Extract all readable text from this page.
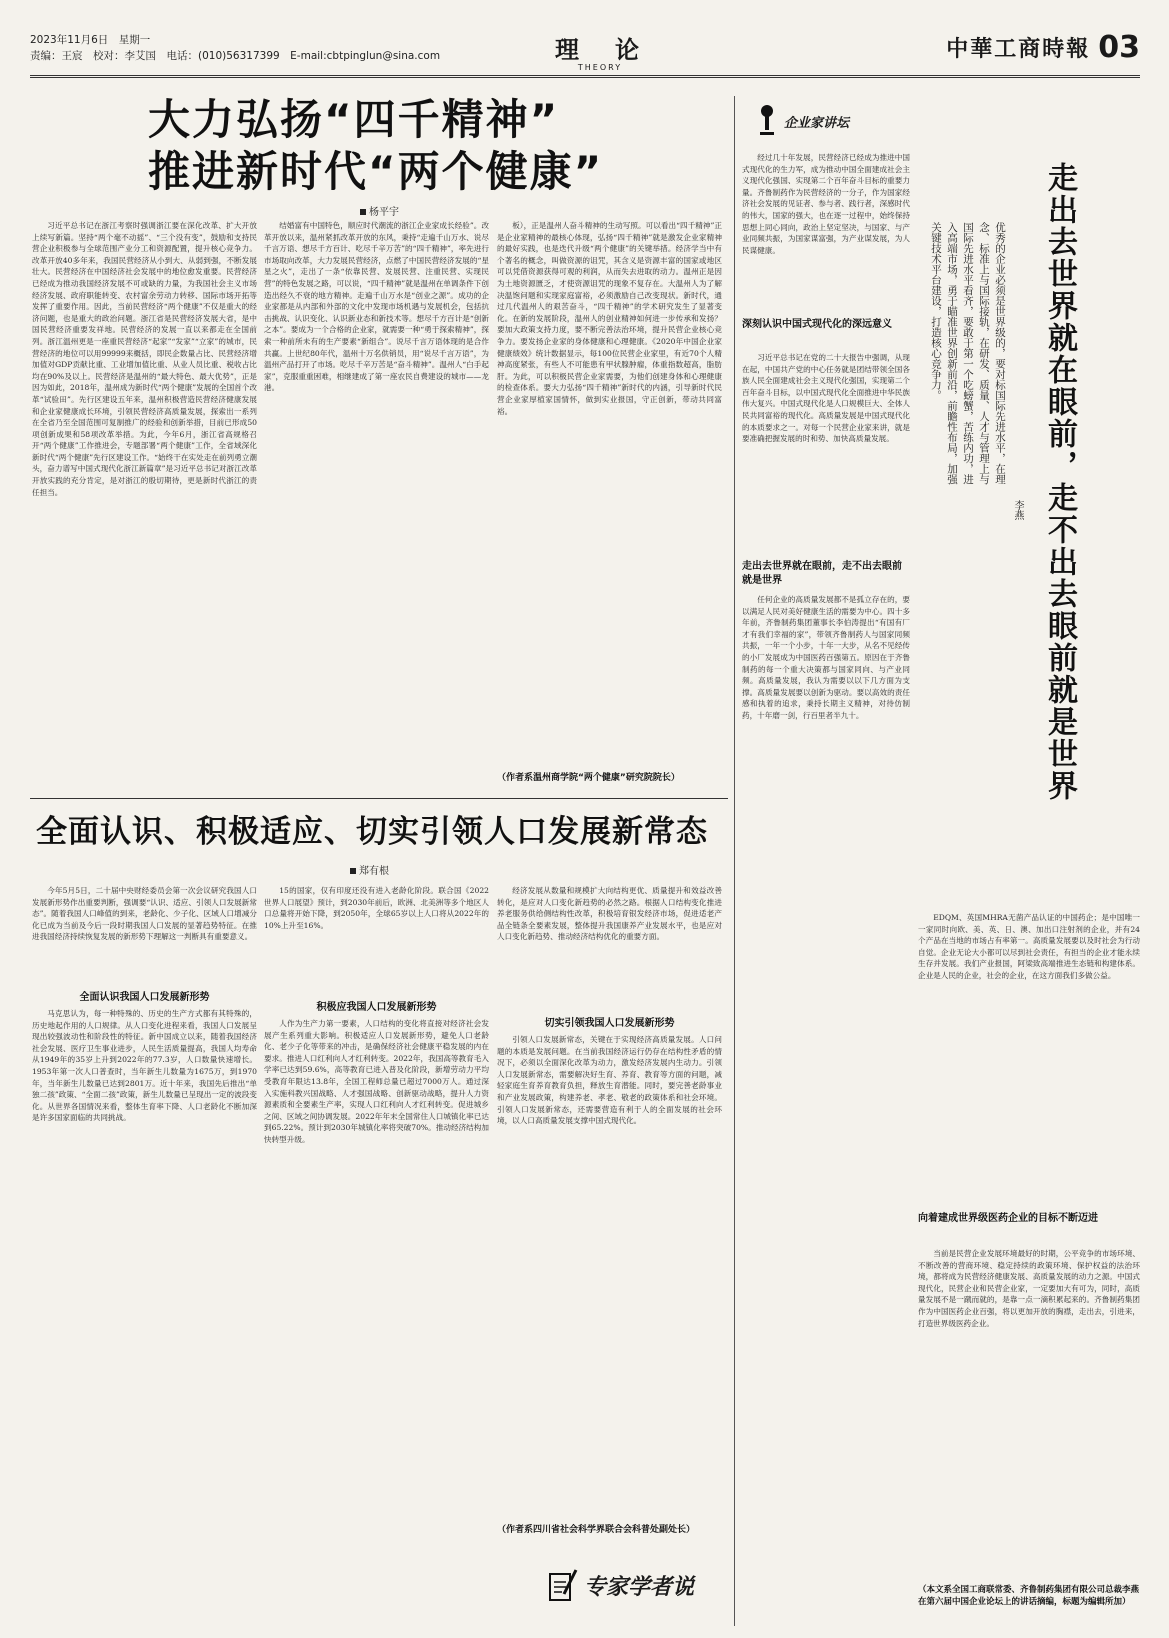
2023年11月6日　星期一
责编：王宸　校对：李艾国　电话：(010)56317399　E-mail:cbtpinglun@sina.com	理　论
THEORY
中華工商時報 03
大力弘扬“四千精神”
推进新时代“两个健康”
杨平宇

习近平总书记在浙江考察时强调浙江要在深化改革、扩大开放上续写新篇。坚持“两个毫不动摇”、“三个没有变”，鼓励和支持民营企业积极参与全球范围产业分工和资源配置，提升核心竞争力。改革开放40多年来，我国民营经济从小到大、从弱到强，不断发展壮大。民营经济在中国经济社会发展中的地位愈发重要。民营经济已经成为推动我国经济发展不可或缺的力量，为我国社会主义市场经济发展、政府职能转变、农村富余劳动力转移、国际市场开拓等发挥了重要作用。因此，当前民营经济“两个健康”不仅是重大的经济问题，也是重大的政治问题。浙江省是民营经济发展大省，是中国民营经济重要发祥地。民营经济的发展一直以来都走在全国前列。浙江温州更是一座重民营经济“起家”“发家”“立家”的城市，民营经济的地位可以用99999来概括，即民企数量占比、民营经济增加值对GDP贡献比重、工业增加值比重、从业人员比重、税收占比均在90%及以上。民营经济是温州的“最大特色、最大优势”，正是因为如此，2018年，温州成为新时代“两个健康”发展的全国首个改革“试验田”。先行区建设五年来，温州积极营造民营经济健康发展和企业家健康成长环境，引领民营经济高质量发展，探索出一系列在全省乃至全国范围可复制推广的经验和创新举措，目前已形成50项创新成果和58项改革举措。为此，今年6月，浙江省高规格召开“两个健康”工作推进会，专题部署“两个健康”工作，全省域深化新时代“两个健康”先行区建设工作。“始终干在实处走在前列勇立潮头，奋力谱写中国式现代化浙江新篇章”是习近平总书记对浙江改革开放实践的充分肯定，是对浙江的殷切期待，更是新时代浙江的责任担当。

结婚富有中国特色，顺应时代潮流的浙江企业家成长经验”。改革开放以来，温州紧抓改革开放的东风，秉持“走遍千山万水、说尽千言万语、想尽千方百计、吃尽千辛万苦”的“四千精神”，率先进行市场取向改革，大力发展民营经济，点燃了中国民营经济发展的“星星之火”，走出了一条“依靠民营、发展民营、注重民营、实现民营”的特色发展之路，可以说，“四千精神”就是温州在单调条件下创造出经久不衰的地方精神。走遍千山万水是“创业之源”。成功的企业家都是从内部和外部的文化中发现市场机遇与发展机会，包括抗击挑战、认识变化、认识新业态和新技术等。想尽千方百计是“创新之本”。要成为一个合格的企业家，就需要一种“勇于探索精神”，探索一种前所未有的生产要素“新组合”。说尽千言万语体现的是合作共赢。上世纪80年代，温州十万名供销员，用“说尽千言万语”，为温州产品打开了市场。吃尽千辛万苦是“奋斗精神”。温州人“白手起家”，克服重重困难，相继建成了第一座农民自费建设的城市——龙港。

板），正是温州人奋斗精神的生动写照。可以看出“四千精神”正是企业家精神的最核心体现，弘扬“四千精神”就是激发企业家精神的最好实践，也是迭代升级“两个健康”的关键举措。经济学当中有个著名的概念，叫做资源的诅咒，其含义是资源丰富的国家或地区可以凭借资源获得可观的利润，从而失去进取的动力。温州正是因为土地资源匮乏，才使资源诅咒的现象不复存在。大温州人为了解决温饱问题和实现家庭富裕，必须激励自己改变现状。新时代，通过几代温州人的艰苦奋斗，“四千精神”的学术研究发生了显著变化。在新的发展阶段，温州人的创业精神如何进一步传承和发扬？要加大政策支持力度，要不断完善法治环境，提升民营企业核心竞争力。要发扬企业家的身体健康和心理健康。《2020年中国企业家健康绩效》统计数据显示，每100位民营企业家里，有近70个人精神高度紧张，有些人不可能患有甲状腺肿瘤，体重指数超高，脂肪肝。为此，可以积极民营企业家需要，为他们创建身体和心理健康的检查体系。要大力弘扬“四千精神”新时代的内涵，引导新时代民营企业家厚植家国情怀，做到实业报国，守正创新，带动共同富裕。

（作者系温州商学院“两个健康”研究院院长）
全面认识、积极适应、切实引领人口发展新常态
郑有根

今年5月5日，二十届中央财经委员会第一次会议研究我国人口发展新形势作出重要判断，强调要“认识、适应、引领人口发展新常态”。随着我国人口峰值的到来，老龄化、少子化、区域人口增减分化已成为当前及今后一段时期我国人口发展的显著趋势特征。在推进我国经济持续恢复发展的新形势下理解这一判断具有重要意义。

全面认识我国人口发展新形势

马克思认为，每一种特殊的、历史的生产方式都有其特殊的，历史地起作用的人口规律。从人口变化进程来看，我国人口发展呈现出较强波动性和阶段性的特征。新中国成立以来，随着我国经济社会发展、医疗卫生事业进步，人民生活质量提高，我国人均寿命从1949年的35岁上升到2022年的77.3岁，人口数量快速增长。1953年第一次人口普查时，当年新生儿数量为1675万，到1970年，当年新生儿数量已达到2801万。近十年来，我国先后推出“单独二孩”政策、“全面二孩”政策，新生儿数量已呈现出一定的波段变化。从世界各国情况来看，整体生育率下降、人口老龄化不断加深是许多国家面临的共同挑战。

15的国家，仅有印度还没有进入老龄化阶段。联合国《2022世界人口展望》预计，到2030年前后，欧洲、北美洲等多个地区人口总量将开始下降，到2050年，全球65岁以上人口将从2022年的10%上升至16%。

积极应我国人口发展新形势

人作为生产力第一要素，人口结构的变化将直接对经济社会发展产生系列重大影响。积极适应人口发展新形势，避免人口老龄化、老少子化等带来的冲击，是确保经济社会健康平稳发展的内在要求。推进人口红利向人才红利转变。2022年，我国高等教育毛入学率已达到59.6%，高等教育已进入普及化阶段，新增劳动力平均受教育年限达13.8年，全国工程师总量已超过7000万人。通过深入实施科教兴国战略、人才强国战略、创新驱动战略，提升人力资源素质和全要素生产率，实现人口红利向人才红利转变。促进城乡之间、区域之间协调发展。2022年年末全国常住人口城镇化率已达到65.22%。预计到2030年城镇化率将突破70%。推动经济结构加快转型升级。

经济发展从数量和规模扩大向结构更优、质量提升和效益改善转化，是应对人口变化新趋势的必然之路。根据人口结构变化推进养老服务供给侧结构性改革，积极培育银发经济市场，促进适老产品全链条全要素发展，整体提升我国康养产业发展水平，也是应对人口变化新趋势、推动经济结构优化的重要方面。

切实引领我国人口发展新形势

引领人口发展新常态，关键在于实现经济高质量发展。人口问题的本质是发展问题。在当前我国经济运行仍存在结构性矛盾的情况下，必须以全面深化改革为动力，激发经济发展内生动力。引领人口发展新常态，需要解决好生育、养育、教育等方面的问题，减轻家庭生育养育教育负担，释放生育潜能。同时，要完善老龄事业和产业发展政策，构建养老、孝老、敬老的政策体系和社会环境。引领人口发展新常态，还需要营造有利于人的全面发展的社会环境，以人口高质量发展支撑中国式现代化。

（作者系四川省社会科学界联合会科普处副处长）
专家学者说
企业家讲坛

经过几十年发展，民营经济已经成为推进中国式现代化的生力军，成为推动中国全面建成社会主义现代化强国、实现第二个百年奋斗目标的重要力量。齐鲁制药作为民营经济的一分子，作为国家经济社会发展的见证者、参与者、践行者，深感时代的伟大，国家的强大，也在逐一过程中，始终保持思想上同心同向，政治上坚定坚决，与国家、与产业同频共振，为国家谋富强，为产业谋发展，为人民谋健康。

深刻认识中国式现代化的深远意义

习近平总书记在党的二十大报告中强调，从现在起，中国共产党的中心任务就是团结带领全国各族人民全面建成社会主义现代化强国，实现第二个百年奋斗目标，以中国式现代化全面推进中华民族伟大复兴。中国式现代化是人口规模巨大、全体人民共同富裕的现代化。高质量发展是中国式现代化的本质要求之一。对每一个民营企业家来讲，就是要准确把握发展的时和势、加快高质量发展。

走出去世界就在眼前，走不出去眼前就是世界

任何企业的高质量发展都不是孤立存在的，要以满足人民对美好健康生活的需要为中心。四十多年前，齐鲁制药集团董事长李伯涛提出“有国有厂才有我们幸福的家”，带领齐鲁制药人与国家同频共振，一年一个小步，十年一大步，从名不见经传的小厂发展成为中国医药百强第五。原因在于齐鲁制药的每一个重大决策都与国家同向、与产业同频。高质量发展，我认为需要以以下几方面为支撑。高质量发展要以创新为驱动。要以高效的责任感和执着的追求，秉持长期主义精神，对待仿制药，十年磨一剑，行百里者半九十。	走出去世界就在眼前，走不出去眼前就是世界
李燕
优秀的企业必须是世界级的，要对标国际先进水平，在理念、标准上与国际接轨，在研发、质量、人才与管理上与国际先进水平看齐，要敢于第一个吃螃蟹，苦练内功，进入高端市场，勇于瞄准世界创新前沿，前瞻性布局，加强关键技术平台建设，打造核心竞争力。

EDQM、英国MHRA无菌产品认证的中国药企；是中国唯一一家同时向欧、美、英、日、澳、加出口注射剂的企业，并有24个产品在当地的市场占有率第一。高质量发展要以及时社会为行动自觉。企业无论大小都可以尽到社会责任，有担当的企业才能永续生存并发展。我们产业报国，阿梁致高端推进生态链和构建体系。企业是人民的企业，社会的企业，在这方面我们多做公益。

向着建成世界级医药企业的目标不断迈进

当前是民营企业发展环境最好的时期，公平竞争的市场环境、不断改善的营商环境、稳定持续的政策环境、保护权益的法治环境，都将成为民营经济健康发展、高质量发展的动力之源。中国式现代化，民营企业和民营企业家，一定要加大有可为，同时，高质量发展不是一蹴而就的，是靠一点一滴积累起来的。齐鲁制药集团作为中国医药企业百强，将以更加开放的胸襟，走出去，引进来，打造世界级医药企业。

（本文系全国工商联常委、齐鲁制药集团有限公司总裁李燕在第六届中国企业论坛上的讲话摘编，标题为编辑所加）
